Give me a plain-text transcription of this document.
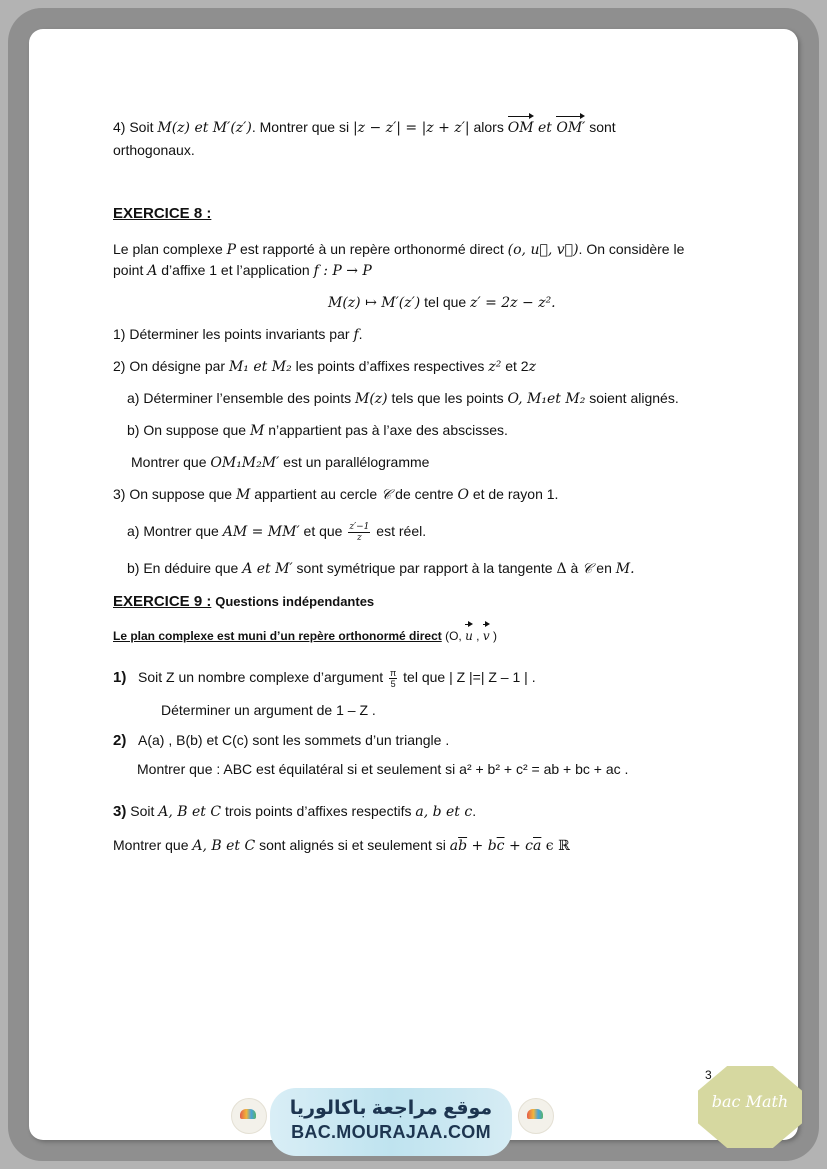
4) Soit M(z) et M′(z′). Montrer que si |z − z′| = |z + z′| alors OM et OM′ sont
orthogonaux.
EXERCICE 8 :
Le plan complexe P est rapporté à un repère orthonormé direct (o, u⃗, v⃗). On considère le
point A d’affixe 1 et l’application f : P → P
M(z) ↦ M′(z′) tel que z′ = 2z − z².
1) Déterminer les points invariants par f.
2) On désigne par M₁ et M₂ les points d’affixes respectives z² et 2z
a) Déterminer l’ensemble des points M(z) tels que les points O, M₁et M₂ soient alignés.
b) On suppose que M n’appartient pas à l’axe des abscisses.
Montrer que OM₁M₂M′ est un parallélogramme
3) On suppose que M appartient au cercle 𝒞 de centre O et de rayon 1.
a) Montrer que AM = MM′ et que $\frac{z'-1}{z}$ est réel.
b) En déduire que A et M′ sont symétrique par rapport à la tangente Δ à 𝒞 en M.
EXERCICE 9 : Questions indépendantes
Le plan complexe est muni d’un repère orthonormé direct (O, u , v )
1) Soit Z un nombre complexe d’argument $\frac{\pi}{5}$ tel que | Z |=| Z – 1 | .
Déterminer un argument de 1 – Z .
2) A(a) , B(b) et C(c) sont les sommets d’un triangle .
Montrer que : ABC est équilatéral si et seulement si a² + b² + c² = ab + bc + ac .
3) Soit A, B et C trois points d’affixes respectifs a, b et c.
Montrer que A, B et C sont alignés si et seulement si $a\overline{b} + b\overline{c} + c\overline{a}$ ϵ ℝ
3
موقع مراجعة باكالوريا
BAC.MOURAJAA.COM
bac Math
